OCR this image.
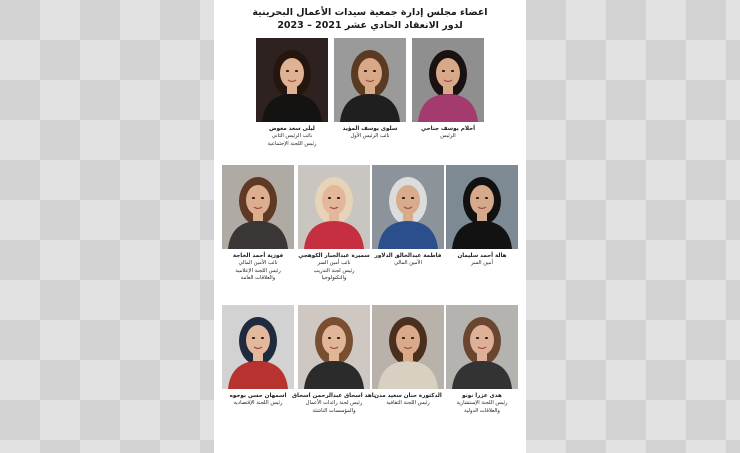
اعضاء مجلس إدارة جمعية سيدات الأعمال البحرينية
لدور الانعقاد الحادي عشر 2021 – 2023
أحلام يوسف جناحي
الرئيس
سلوى يوسف المؤيد
نائب الرئيس الأول
ليلى سعد معوض
نائب الرئيس الثاني
رئيس اللجنة الإجتماعية
هالة أحمد سليمان
أمين السر
فاطمة عبدالخالق الدلاور
الأمين المالي
سميرة عبدالجبار الكوهجي
نائب أمين السر
رئيس لجنة التدريب
والتكنولوجيا
فوزية أحمد الخاجة
نائب الأمين المالي
رئيس اللجنة الإعلامية
والعلاقات العامة
هدى عزرا نونو
رئيس اللجنة الإستشارية
والعلاقات الدولية
الدكتورة حنان سعيد مدن
رئيس اللجنة الثقافية
ناهد اسحاق عبدالرحمن اسحاق
رئيس لجنة رائدات الأعمال
والمؤسسات الناشئة
اسمهان حسن بوخوه
رئيس اللجنة الإقتصادية
